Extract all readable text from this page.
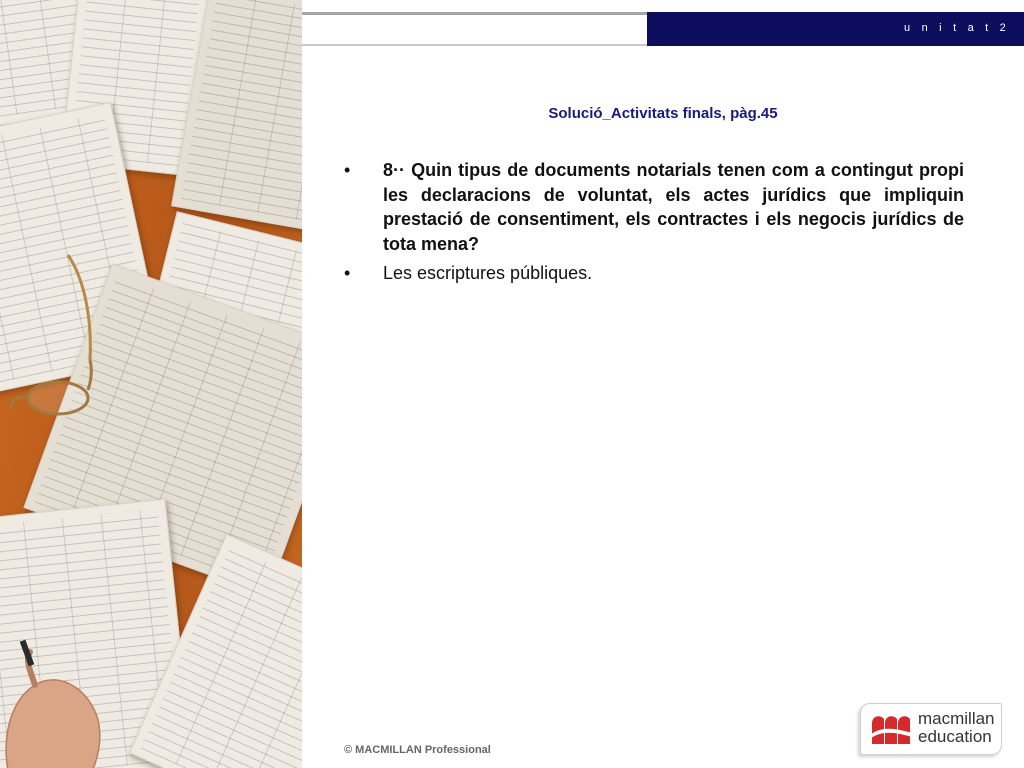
u n i t a t 2
Solució_Activitats finals, pàg.45
• 8·· Quin tipus de documents notarials tenen com a contingut propi les declaracions de voluntat, els actes jurídics que impliquin prestació de consentiment, els contractes i els negocis jurídics de tota mena?
• Les escriptures públiques.
© MACMILLAN Professional
macmillan
education
